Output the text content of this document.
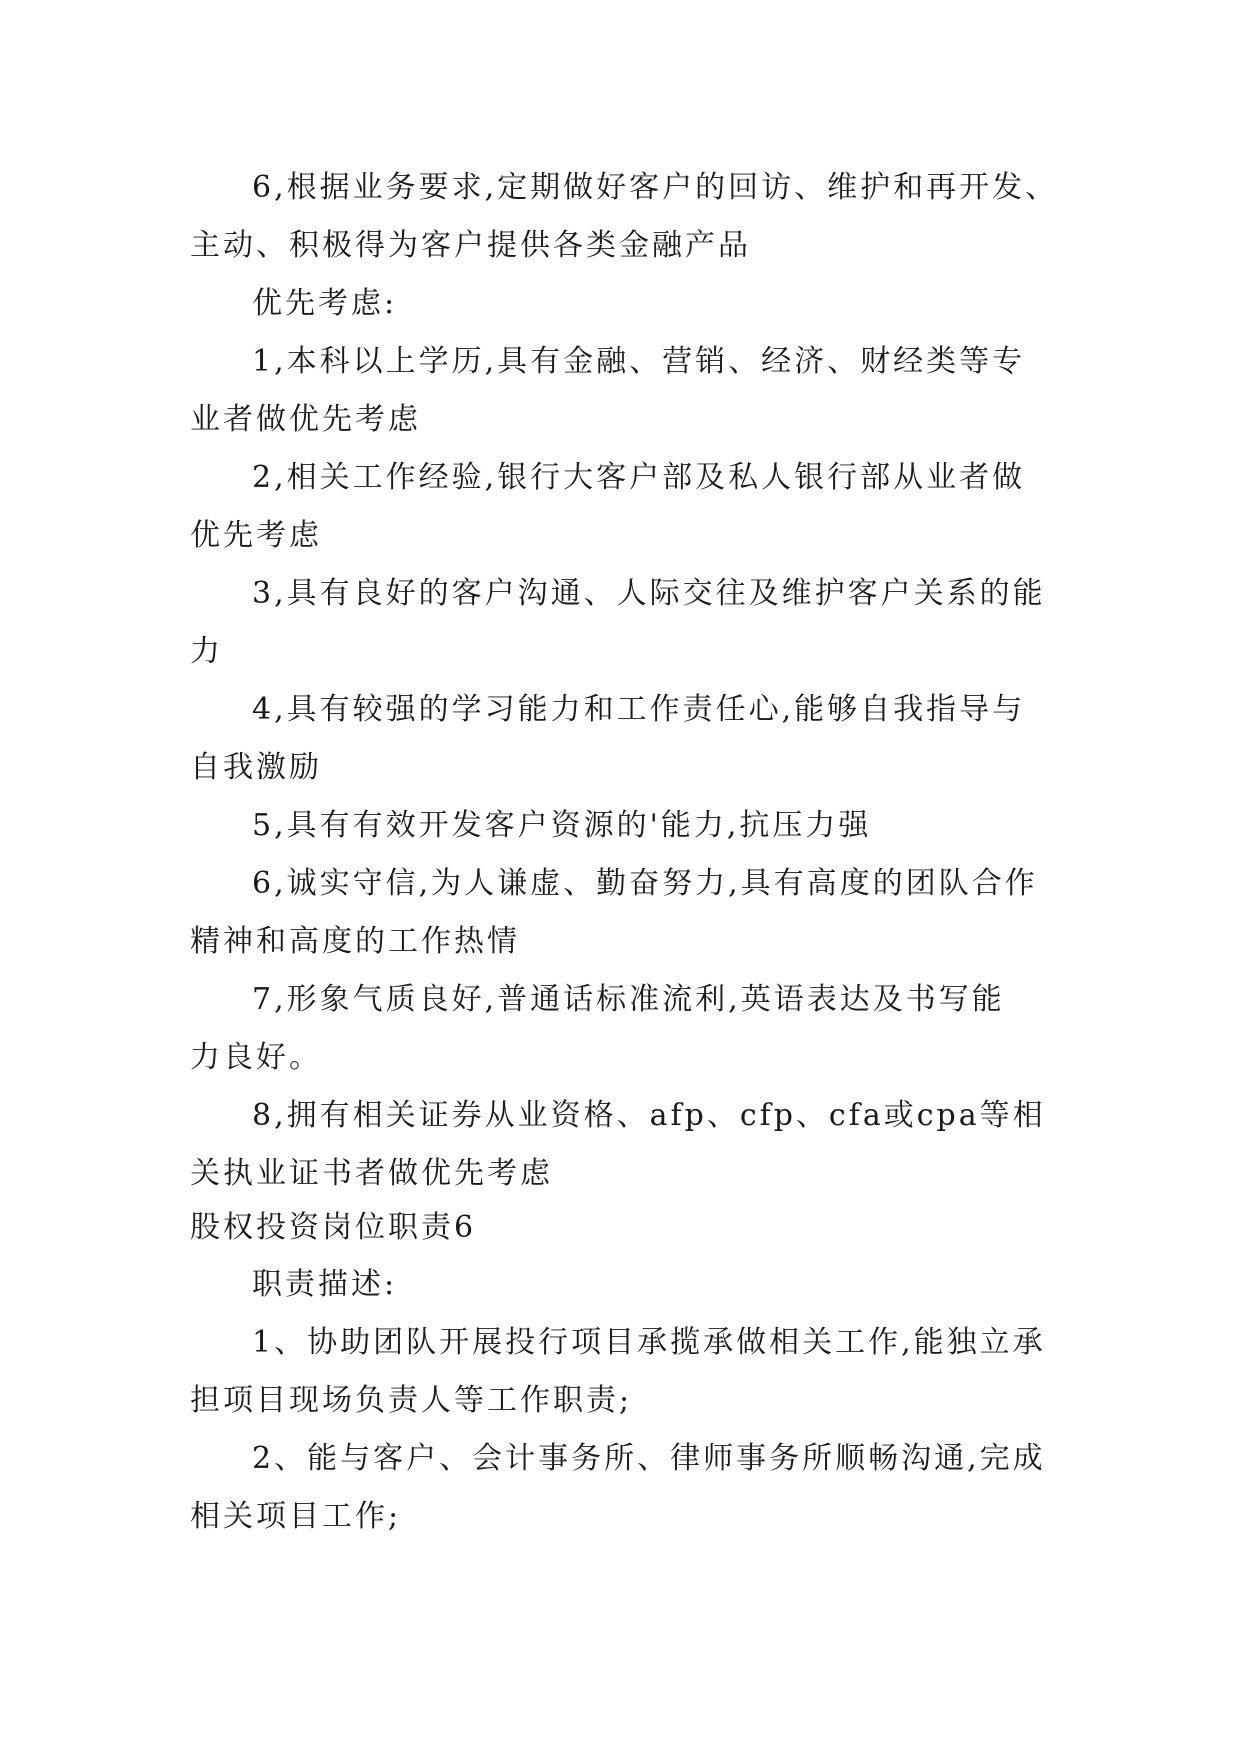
6,根据业务要求,定期做好客户的回访、维护和再开发、

主动、积极得为客户提供各类金融产品

优先考虑:

1,本科以上学历,具有金融、营销、经济、财经类等专

业者做优先考虑

2,相关工作经验,银行大客户部及私人银行部从业者做

优先考虑

3,具有良好的客户沟通、人际交往及维护客户关系的能

力

4,具有较强的学习能力和工作责任心,能够自我指导与

自我激励

5,具有有效开发客户资源的'能力,抗压力强

6,诚实守信,为人谦虚、勤奋努力,具有高度的团队合作

精神和高度的工作热情

7,形象气质良好,普通话标准流利,英语表达及书写能

力良好。

8,拥有相关证券从业资格、afp、cfp、cfa或cpa等相

关执业证书者做优先考虑

股权投资岗位职责6

职责描述:

1、协助团队开展投行项目承揽承做相关工作,能独立承

担项目现场负责人等工作职责;

2、能与客户、会计事务所、律师事务所顺畅沟通,完成

相关项目工作;
